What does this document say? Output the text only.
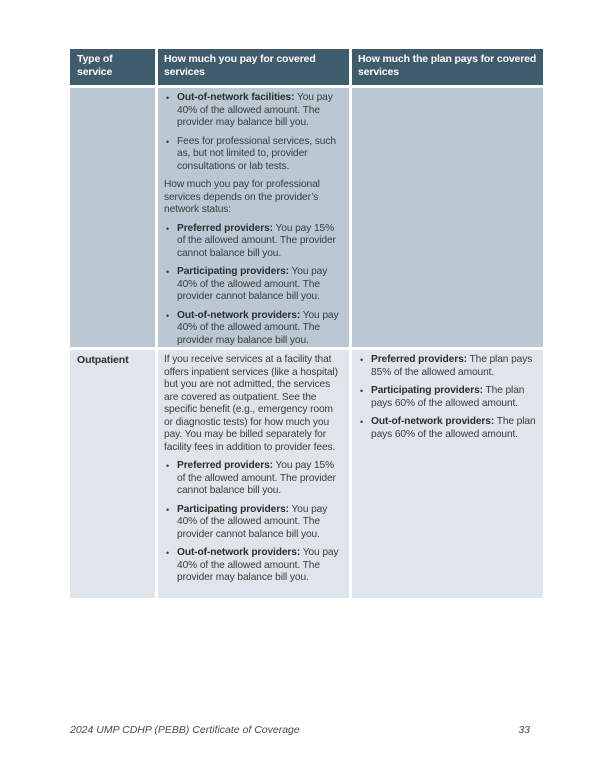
Type of service
How much you pay for covered services
How much the plan pays for covered services
• Out-of-network facilities: You pay 40% of the allowed amount. The provider may balance bill you.
• Fees for professional services, such as, but not limited to, provider consultations or lab tests.
How much you pay for professional services depends on the provider’s network status:
• Preferred providers: You pay 15% of the allowed amount. The provider cannot balance bill you.
• Participating providers: You pay 40% of the allowed amount. The provider cannot balance bill you.
• Out-of-network providers: You pay 40% of the allowed amount. The provider may balance bill you.
Outpatient	If you receive services at a facility that offers inpatient services (like a hospital) but you are not admitted, the services are covered as outpatient. See the specific benefit (e.g., emergency room or diagnostic tests) for how much you pay. You may be billed separately for facility fees in addition to provider fees.
• Preferred providers: You pay 15% of the allowed amount. The provider cannot balance bill you.
• Participating providers: You pay 40% of the allowed amount. The provider cannot balance bill you.
• Out-of-network providers: You pay 40% of the allowed amount. The provider may balance bill you.
• Preferred providers: The plan pays 85% of the allowed amount.
• Participating providers: The plan pays 60% of the allowed amount.
• Out-of-network providers: The plan pays 60% of the allowed amount.
2024 UMP CDHP (PEBB) Certificate of Coverage	33
